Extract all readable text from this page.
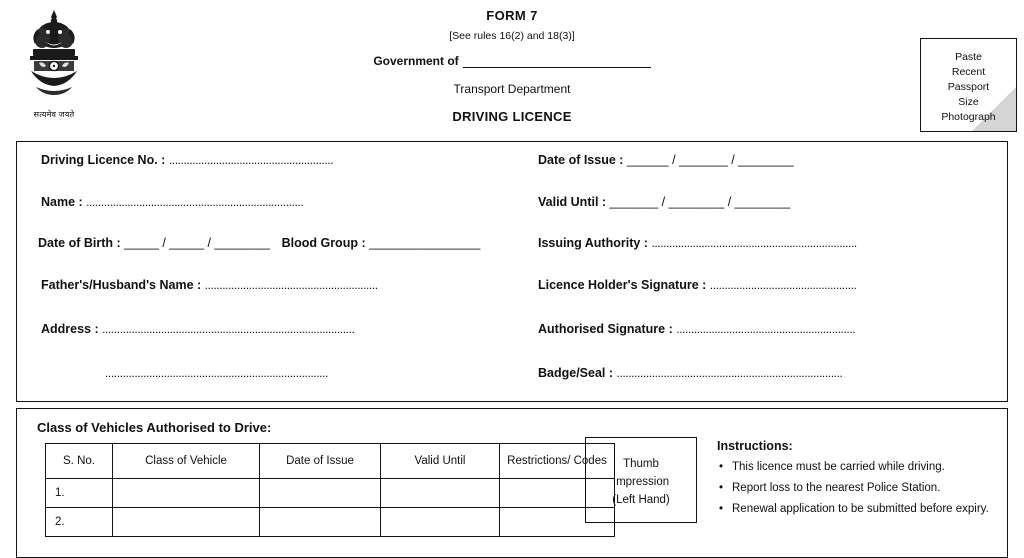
सत्यमेव जयते
FORM 7
[See rules 16(2) and 18(3)]
Government of
Transport Department
DRIVING LICENCE
Paste
Recent
Passport
Size
Photograph
Driving Licence No. : ........................................................
Name : ..........................................................................
Date of Birth : _____ / _____ / ________ Blood Group : ________________
Father's/Husband's Name : ...........................................................
Address : ......................................................................................
............................................................................
Date of Issue : ______ / _______ / ________
Valid Until : _______ / ________ / ________
Issuing Authority : ......................................................................
Licence Holder's Signature : ..................................................
Authorised Signature : .............................................................
Badge/Seal : .............................................................................
Class of Vehicles Authorised to Drive:
S. No.	Class of Vehicle	Date of Issue	Valid Until	Restrictions/ Codes
1.				
2.				
Thumb
Impression
(Left Hand)
Instructions:
• This licence must be carried while driving.
• Report loss to the nearest Police Station.
• Renewal application to be submitted before expiry.
